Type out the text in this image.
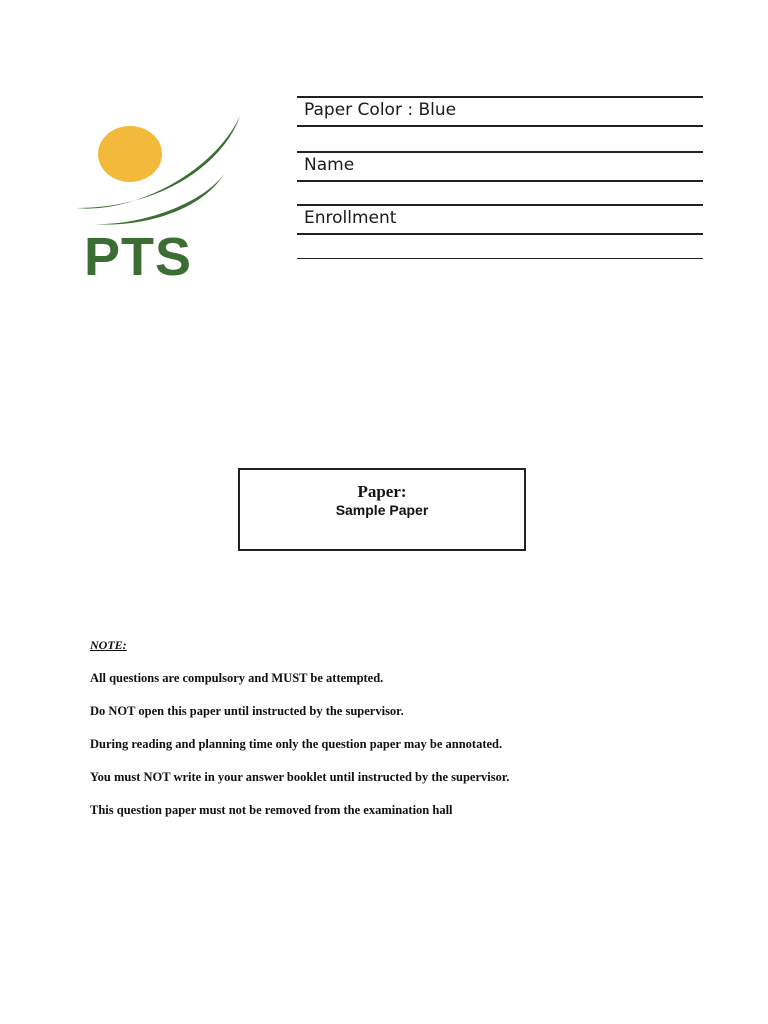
PTS
Paper Color : Blue
Name
Enrollment
Paper:
Sample Paper
NOTE:
All questions are compulsory and MUST be attempted.
Do NOT open this paper until instructed by the supervisor.
During reading and planning time only the question paper may be annotated.
You must NOT write in your answer booklet until instructed by the supervisor.
This question paper must not be removed from the examination hall
